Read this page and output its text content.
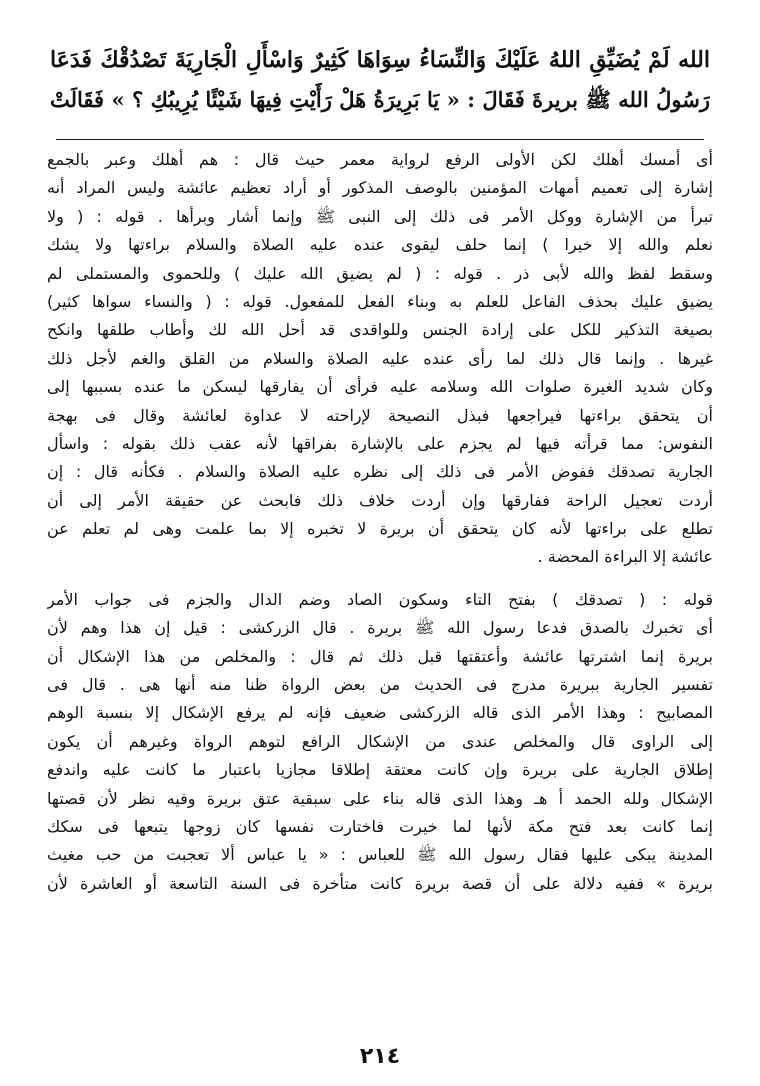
الله لَمْ يُضَيِّقِ اللهُ عَلَيْكَ وَالنِّسَاءُ سِوَاهَا كَثِيرٌ وَاسْأَلِ الْجَارِيَةَ تَصْدُقْكَ فَدَعَا
رَسُولُ الله ﷺ بريرةَ فَقَالَ : « يَا بَرِيرَةُ هَلْ رَأَيْتِ فِيهَا شَيْئًا يُرِيبُكِ ؟ » فَقَالَتْ
أى أمسك أهلك لكن الأولى الرفع لرواية معمر حيث قال : هم أهلك وعبر بالجمع
إشارة إلى تعميم أمهات المؤمنين بالوصف المذكور أو أراد تعظيم عائشة وليس المراد أنه
تبرأ من الإشارة ووكل الأمر فى ذلك إلى النبى ﷺ وإنما أشار وبرأها . قوله : ( ولا
نعلم والله إلا خيرا ) إنما حلف ليقوى عنده عليه الصلاة والسلام براءتها ولا يشك
وسقط لفظ والله لأبى ذر . قوله : ( لم يضيق الله عليك ) وللحموى والمستملى لم
يضيق عليك بحذف الفاعل للعلم به وبناء الفعل للمفعول. قوله : ( والنساء سواها كثير)
بصيغة التذكير للكل على إرادة الجنس وللواقدى قد أحل الله لك وأطاب طلقها وانكح
غيرها . وإنما قال ذلك لما رأى عنده عليه الصلاة والسلام من القلق والغم لأجل ذلك
وكان شديد الغيرة صلوات الله وسلامه عليه فرأى أن يفارقها ليسكن ما عنده بسببها إلى
أن يتحقق براءتها فيراجعها فبذل النصيحة لإراحته لا عداوة لعائشة وقال فى بهجة
النفوس: مما قرأته فيها لم يجزم على بالإشارة بفراقها لأنه عقب ذلك بقوله : واسأل
الجارية تصدقك ففوض الأمر فى ذلك إلى نظره عليه الصلاة والسلام . فكأنه قال : إن
أردت تعجيل الراحة ففارقها وإن أردت خلاف ذلك فابحث عن حقيقة الأمر إلى أن
تطلع على براءتها لأنه كان يتحقق أن بريرة لا تخبره إلا بما علمت وهى لم تعلم عن
عائشة إلا البراءة المحضة .
قوله : ( تصدقك ) بفتح التاء وسكون الصاد وضم الدال والجزم فى جواب الأمر
أى تخبرك بالصدق فدعا رسول الله ﷺ بريرة . قال الزركشى : قيل إن هذا وهم لأن
بريرة إنما اشترتها عائشة وأعتقتها قبل ذلك ثم قال : والمخلص من هذا الإشكال أن
تفسير الجارية ببريرة مدرج فى الحديث من بعض الرواة ظنا منه أنها هى . قال فى
المصابيح : وهذا الأمر الذى قاله الزركشى ضعيف فإنه لم يرفع الإشكال إلا بنسبة الوهم
إلى الراوى قال والمخلص عندى من الإشكال الرافع لتوهم الرواة وغيرهم أن يكون
إطلاق الجارية على بريرة وإن كانت معتقة إطلاقا مجازيا باعتبار ما كانت عليه واندفع
الإشكال ولله الحمد أ هـ وهذا الذى قاله بناء على سبقية عتق بريرة وفيه نظر لأن قصتها
إنما كانت بعد فتح مكة لأنها لما خيرت فاختارت نفسها كان زوجها يتبعها فى سكك
المدينة يبكى عليها فقال رسول الله ﷺ للعباس : « يا عباس ألا تعجبت من حب مغيث
بريرة » ففيه دلالة على أن قصة بريرة كانت متأخرة فى السنة التاسعة أو العاشرة لأن
٢١٤
